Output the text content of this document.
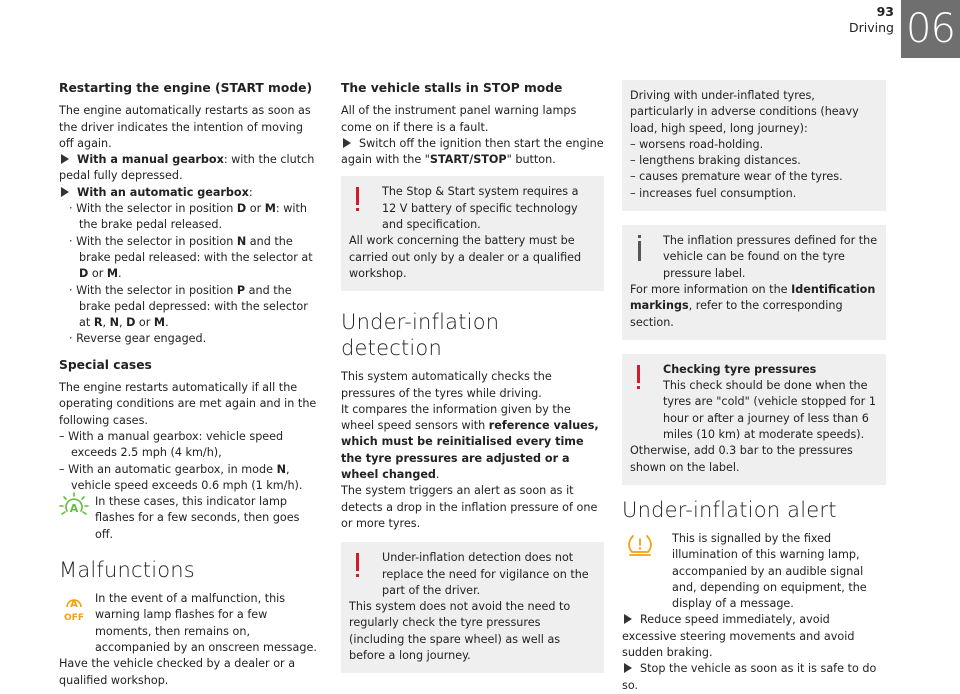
93
Driving 06

Restarting the engine (START mode)

The engine automatically restarts as soon as the driver indicates the intention of moving off again.

With a manual gearbox: with the clutch pedal fully depressed.

With an automatic gearbox:

· With the selector in position D or M: with the brake pedal released.

· With the selector in position N and the brake pedal released: with the selector at D or M.

· With the selector in position P and the brake pedal depressed: with the selector at R, N, D or M.

· Reverse gear engaged.

Special cases

The engine restarts automatically if all the operating conditions are met again and in the following cases.

– With a manual gearbox: vehicle speed exceeds 2.5 mph (4 km/h),

– With an automatic gearbox, in mode N, vehicle speed exceeds 0.6 mph (1 km/h).

A
In these cases, this indicator lamp flashes for a few seconds, then goes off.

Malfunctions

A
OFF
In the event of a malfunction, this warning lamp flashes for a few moments, then remains on, accompanied by an onscreen message.

Have the vehicle checked by a dealer or a qualified workshop.

The vehicle stalls in STOP mode

All of the instrument panel warning lamps come on if there is a fault.

Switch off the ignition then start the engine again with the "START/STOP" button.

The Stop & Start system requires a 12 V battery of specific technology and specification.

All work concerning the battery must be carried out only by a dealer or a qualified workshop.

Under-inflation detection

This system automatically checks the pressures of the tyres while driving.

It compares the information given by the wheel speed sensors with reference values, which must be reinitialised every time the tyre pressures are adjusted or a wheel changed.

The system triggers an alert as soon as it detects a drop in the inflation pressure of one or more tyres.

Under-inflation detection does not replace the need for vigilance on the part of the driver.

This system does not avoid the need to regularly check the tyre pressures (including the spare wheel) as well as before a long journey.

Driving with under-inflated tyres, particularly in adverse conditions (heavy load, high speed, long journey):

– worsens road-holding.

– lengthens braking distances.

– causes premature wear of the tyres.

– increases fuel consumption.

The inflation pressures defined for the vehicle can be found on the tyre pressure label.

For more information on the Identification markings, refer to the corresponding section.

Checking tyre pressures
This check should be done when the tyres are "cold" (vehicle stopped for 1 hour or after a journey of less than 6 miles (10 km) at moderate speeds).

Otherwise, add 0.3 bar to the pressures shown on the label.

Under-inflation alert

This is signalled by the fixed illumination of this warning lamp, accompanied by an audible signal and, depending on equipment, the display of a message.

Reduce speed immediately, avoid excessive steering movements and avoid sudden braking.

Stop the vehicle as soon as it is safe to do so.
